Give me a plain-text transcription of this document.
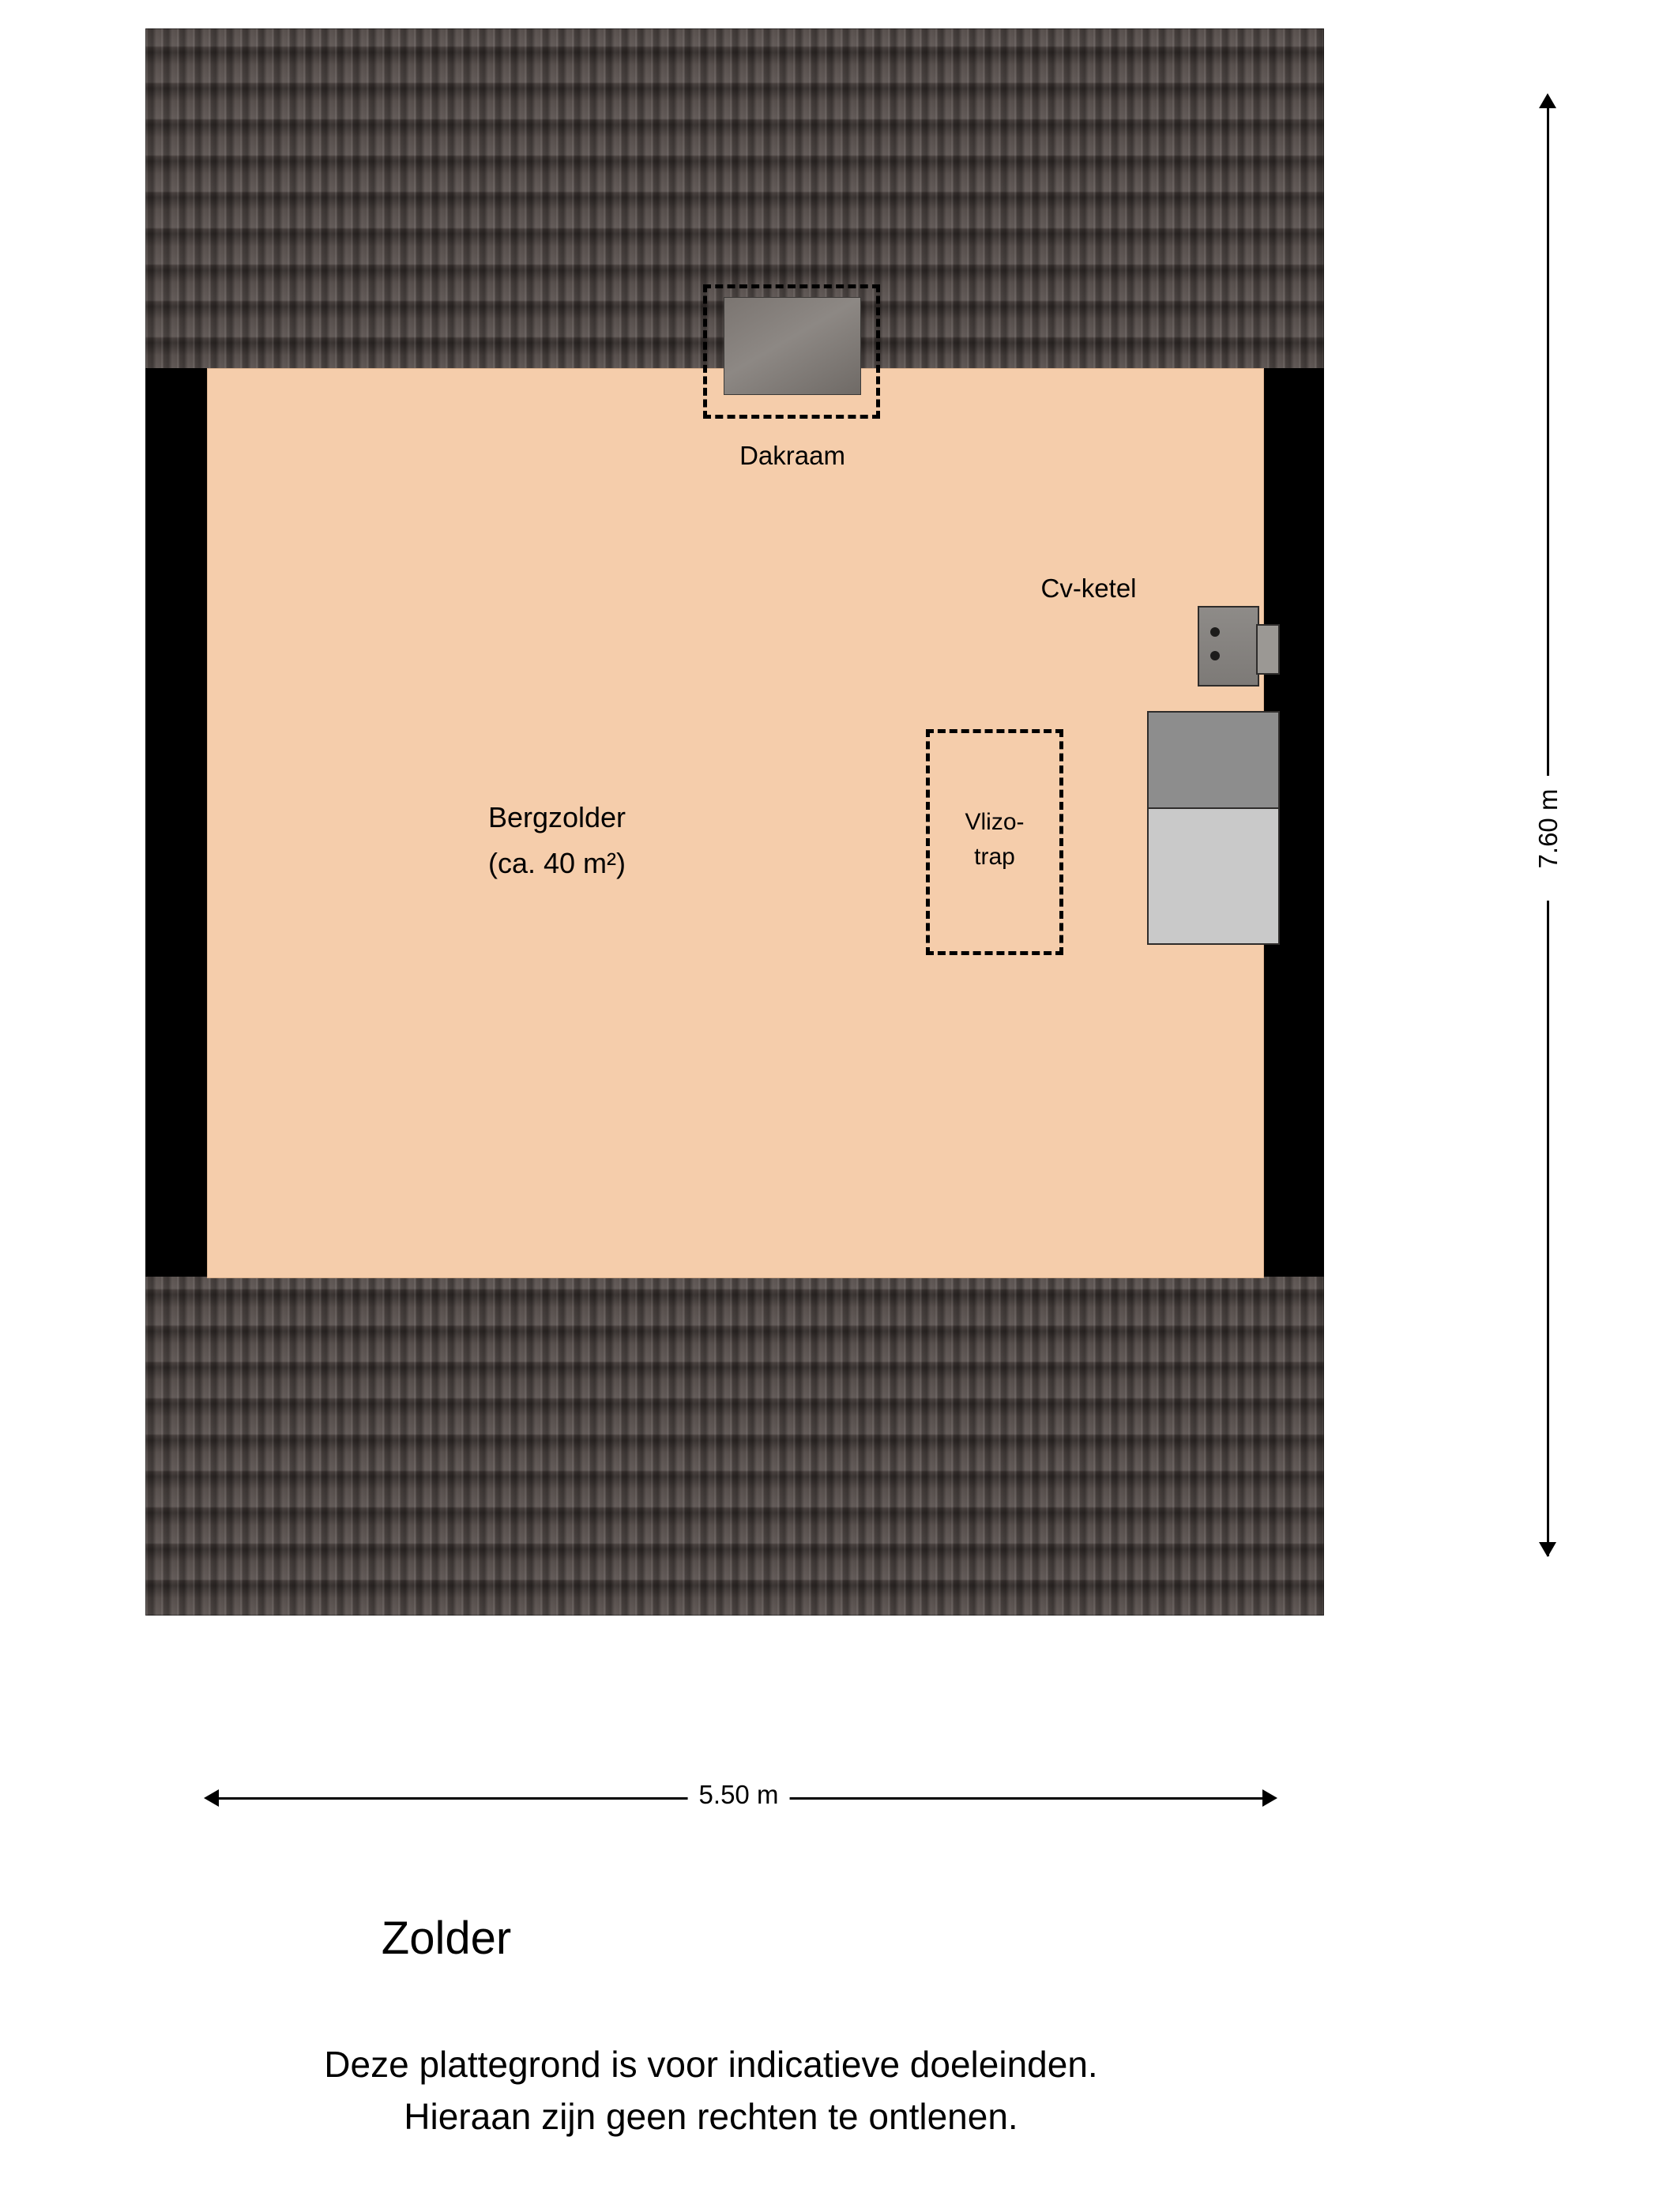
Dakraam
Cv-ketel
Vlizo-
trap
Bergzolder
(ca. 40 m²)	7.60 m
5.50 m
Zolder
Deze plattegrond is voor indicatieve doeleinden.
Hieraan zijn geen rechten te ontlenen.
